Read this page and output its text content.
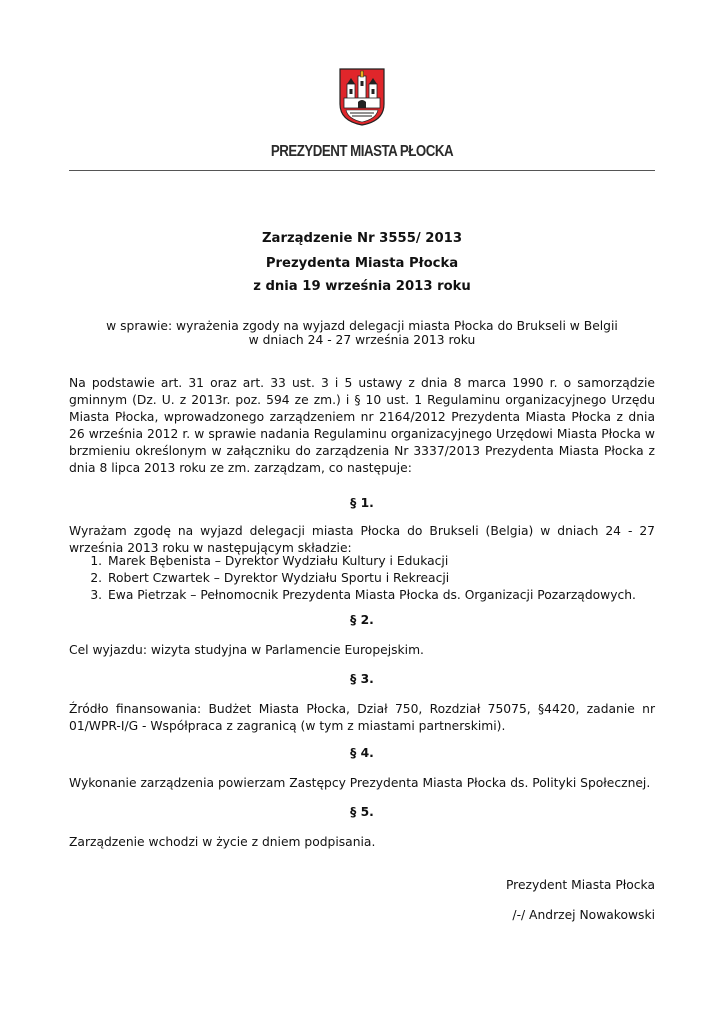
PREZYDENT MIASTA PŁOCKA
Zarządzenie Nr 3555/ 2013
Prezydenta Miasta Płocka
z dnia 19 września 2013 roku
w sprawie: wyrażenia zgody na wyjazd delegacji miasta Płocka do Brukseli w Belgii
w dniach 24 - 27 września 2013 roku
Na podstawie art. 31 oraz art. 33 ust. 3 i 5 ustawy z dnia 8 marca 1990 r. o samorządzie gminnym (Dz. U. z 2013r. poz. 594 ze zm.) i § 10 ust. 1 Regulaminu organizacyjnego Urzędu Miasta Płocka, wprowadzonego zarządzeniem nr 2164/2012 Prezydenta Miasta Płocka z dnia 26 września 2012 r. w sprawie nadania Regulaminu organizacyjnego Urzędowi Miasta Płocka w brzmieniu określonym w załączniku do zarządzenia Nr 3337/2013 Prezydenta Miasta Płocka z dnia 8 lipca 2013 roku ze zm. zarządzam, co następuje:
§ 1.
Wyrażam zgodę na wyjazd delegacji miasta Płocka do Brukseli (Belgia) w dniach 24 - 27 września 2013 roku w następującym składzie:
1. Marek Bębenista – Dyrektor Wydziału Kultury i Edukacji
2. Robert Czwartek – Dyrektor Wydziału Sportu i Rekreacji
3. Ewa Pietrzak – Pełnomocnik Prezydenta Miasta Płocka ds. Organizacji Pozarządowych.
§ 2.
Cel wyjazdu: wizyta studyjna w Parlamencie Europejskim.
§ 3.
Źródło finansowania: Budżet Miasta Płocka, Dział 750, Rozdział 75075, §4420, zadanie nr 01/WPR-I/G - Współpraca z zagranicą (w tym z miastami partnerskimi).
§ 4.
Wykonanie zarządzenia powierzam Zastępcy Prezydenta Miasta Płocka ds. Polityki Społecznej.
§ 5.
Zarządzenie wchodzi w życie z dniem podpisania.
Prezydent Miasta Płocka
/-/ Andrzej Nowakowski
